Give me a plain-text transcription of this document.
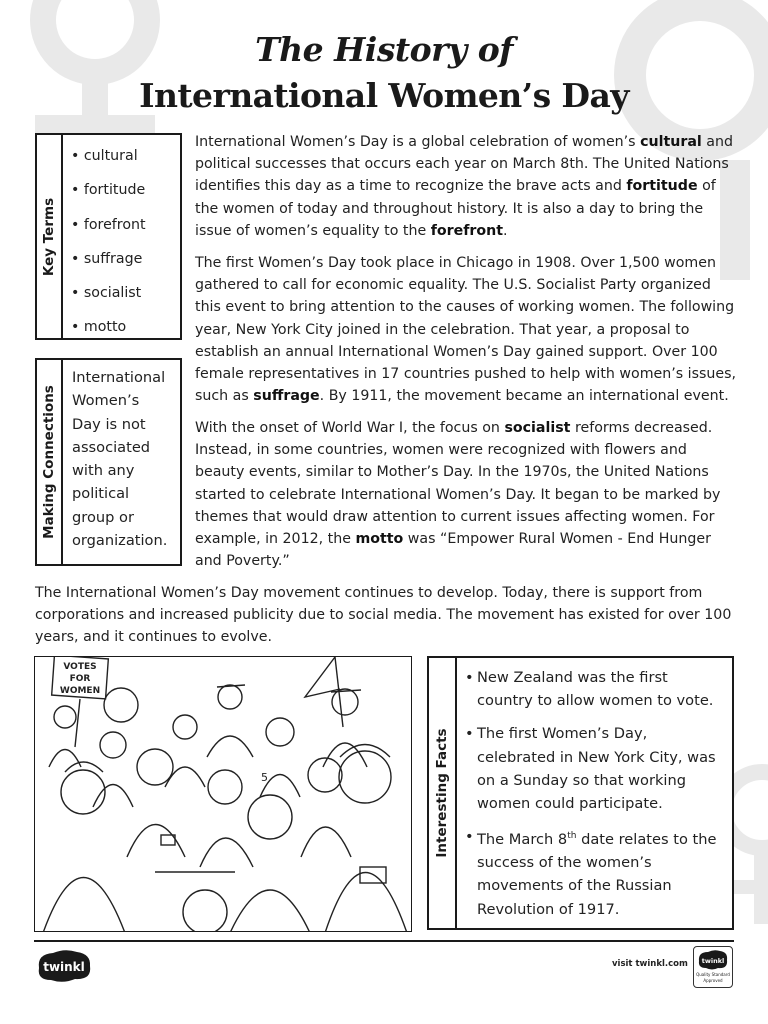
The History of
International Women’s Day
Key Terms
• cultural
• fortitude
• forefront
• suffrage
• socialist
• motto
Making Connections
International
Women’s
Day is not
associated
with any
political
group or
organization.

International Women’s Day is a global celebration of women’s cultural and political successes that occurs each year on March 8th. The United Nations identifies this day as a time to recognize the brave acts and fortitude of the women of today and throughout history. It is also a day to bring the issue of women’s equality to the forefront.

The first Women’s Day took place in Chicago in 1908. Over 1,500 women gathered to call for economic equality. The U.S. Socialist Party organized this event to bring attention to the causes of working women. The following year, New York City joined in the celebration. That year, a proposal to establish an annual International Women’s Day gained support. Over 100 female representatives in 17 countries pushed to help with women’s issues, such as suffrage. By 1911, the movement became an international event.

With the onset of World War I, the focus on socialist reforms decreased. Instead, in some countries, women were recognized with flowers and beauty events, similar to Mother’s Day. In the 1970s, the United Nations started to celebrate International Women’s Day. It began to be marked by themes that would draw attention to current issues affecting women. For example, in 2012, the motto was “Empower Rural Women - End Hunger and Poverty.”

The International Women’s Day movement continues to develop. Today, there is support from corporations and increased publicity due to social media. The movement has existed for over 100 years, and it continues to evolve.

VOTES
FOR
WOMEN
5	Interesting Facts
• New Zealand was the first country to allow women to vote.
• The first Women’s Day, celebrated in New York City, was on a Sunday so that working women could participate.
• The March 8th date relates to the success of the women’s movements of the Russian Revolution of 1917.
twinkl	visit twinkl.com twinkl
Quality Standard
Approved
